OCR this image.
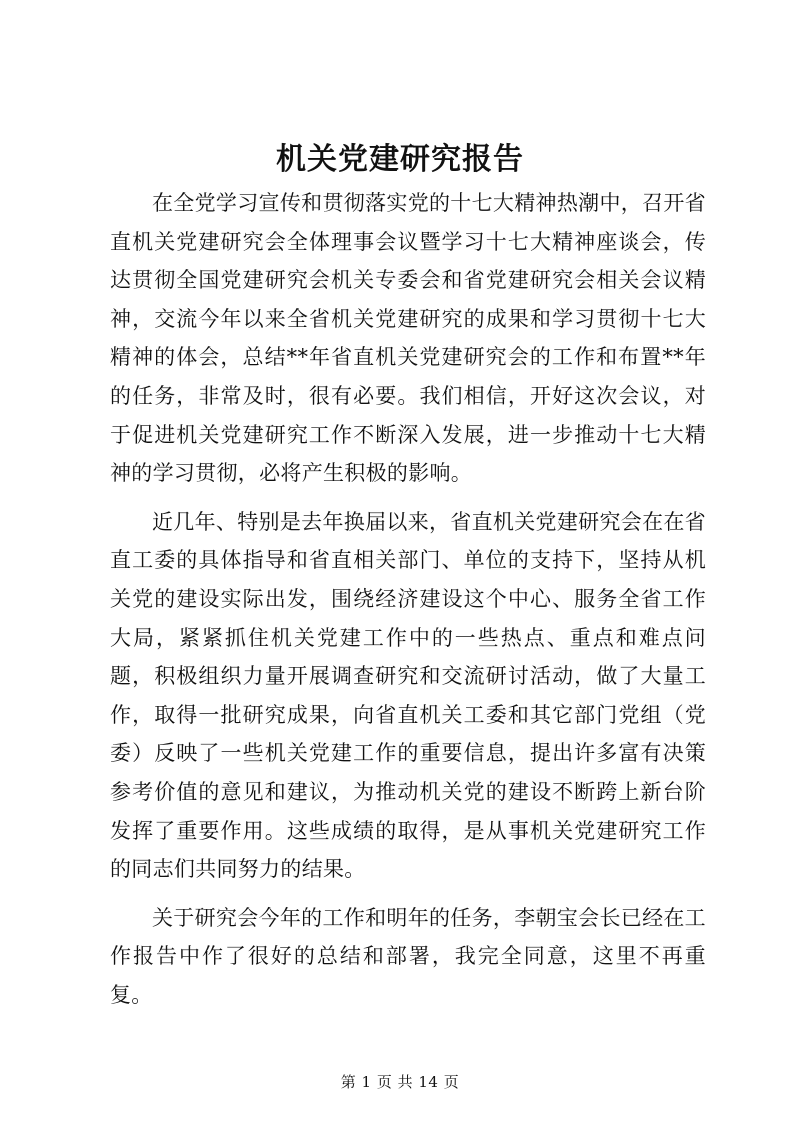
机关党建研究报告

在全党学习宣传和贯彻落实党的十七大精神热潮中，召开省直机关党建研究会全体理事会议暨学习十七大精神座谈会，传达贯彻全国党建研究会机关专委会和省党建研究会相关会议精神，交流今年以来全省机关党建研究的成果和学习贯彻十七大精神的体会，总结**年省直机关党建研究会的工作和布置**年的任务，非常及时，很有必要。我们相信，开好这次会议，对于促进机关党建研究工作不断深入发展，进一步推动十七大精神的学习贯彻，必将产生积极的影响。

近几年、特别是去年换届以来，省直机关党建研究会在在省直工委的具体指导和省直相关部门、单位的支持下，坚持从机关党的建设实际出发，围绕经济建设这个中心、服务全省工作大局，紧紧抓住机关党建工作中的一些热点、重点和难点问题，积极组织力量开展调查研究和交流研讨活动，做了大量工作，取得一批研究成果，向省直机关工委和其它部门党组（党委）反映了一些机关党建工作的重要信息，提出许多富有决策参考价值的意见和建议，为推动机关党的建设不断跨上新台阶发挥了重要作用。这些成绩的取得，是从事机关党建研究工作的同志们共同努力的结果。

关于研究会今年的工作和明年的任务，李朝宝会长已经在工作报告中作了很好的总结和部署，我完全同意，这里不再重复。

第 1 页 共 14 页
